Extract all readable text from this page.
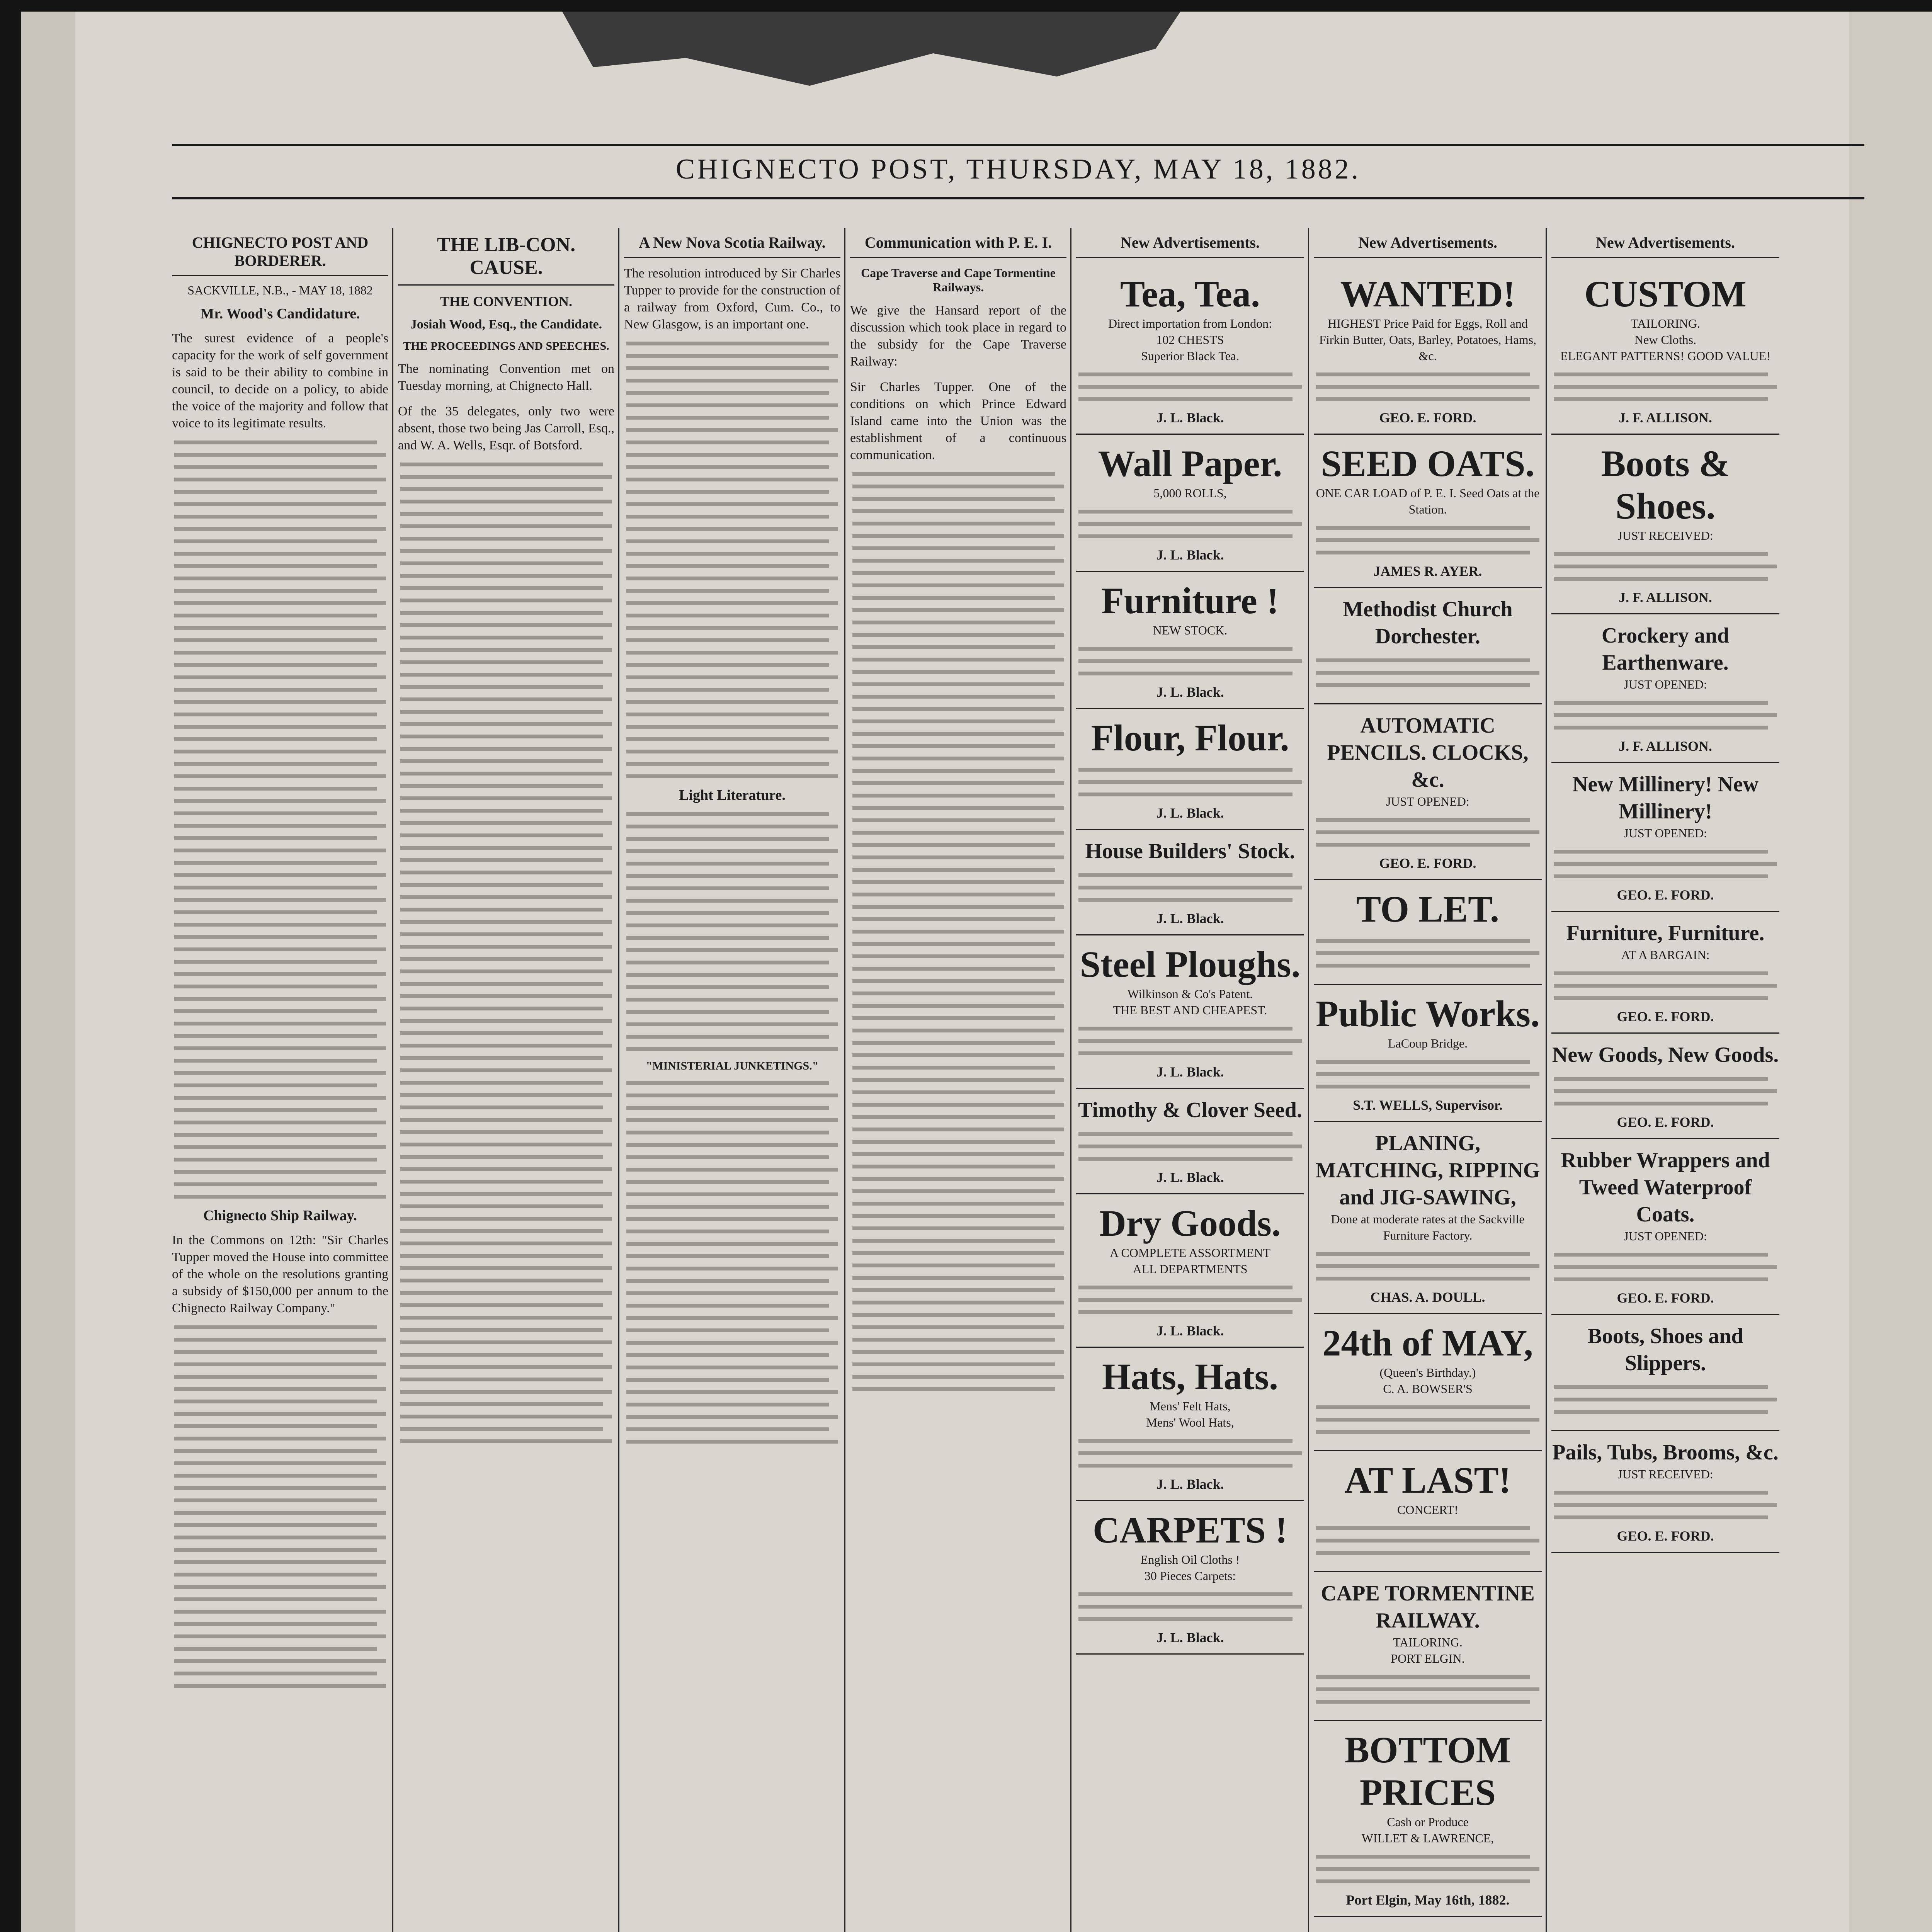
CHIGNECTO POST, THURSDAY, MAY 18, 1882.
CHIGNECTO POST AND BORDERER.
SACKVILLE, N.B., - MAY 18, 1882
Mr. Wood's Candidature.

The surest evidence of a people's capacity for the work of self government is said to be their ability to combine in council, to decide on a policy, to abide the voice of the majority and follow that voice to its legitimate results.

Chignecto Ship Railway.

In the Commons on 12th: "Sir Charles Tupper moved the House into committee of the whole on the resolutions granting a subsidy of $150,000 per annum to the Chignecto Railway Company."

THE LIB-CON. CAUSE.
THE CONVENTION.
Josiah Wood, Esq., the Candidate.
THE PROCEEDINGS AND SPEECHES.

The nominating Convention met on Tuesday morning, at Chignecto Hall.

Of the 35 delegates, only two were absent, those two being Jas Carroll, Esq., and W. A. Wells, Esqr. of Botsford.

A New Nova Scotia Railway.

The resolution introduced by Sir Charles Tupper to provide for the construction of a railway from Oxford, Cum. Co., to New Glasgow, is an important one.

Light Literature.
"MINISTERIAL JUNKETINGS."
Communication with P. E. I.
Cape Traverse and Cape Tormentine Railways.

We give the Hansard report of the discussion which took place in regard to the subsidy for the Cape Traverse Railway:

Sir Charles Tupper. One of the conditions on which Prince Edward Island came into the Union was the establishment of a continuous communication.

New Advertisements.
Tea, Tea.
Direct importation from London:
102 CHESTS
Superior Black Tea.
J. L. Black.
Wall Paper.
5,000 ROLLS,
J. L. Black.
Furniture !
NEW STOCK.
J. L. Black.
Flour, Flour.
J. L. Black.
House Builders' Stock.
J. L. Black.
Steel Ploughs.
Wilkinson & Co's Patent.
THE BEST AND CHEAPEST.
J. L. Black.
Timothy & Clover Seed.
J. L. Black.
Dry Goods.
A COMPLETE ASSORTMENT
ALL DEPARTMENTS
J. L. Black.
Hats, Hats.
Mens' Felt Hats,
Mens' Wool Hats,
J. L. Black.
CARPETS !
English Oil Cloths !
30 Pieces Carpets:
J. L. Black.
New Advertisements.
WANTED!
HIGHEST Price Paid for Eggs, Roll and Firkin Butter, Oats, Barley, Potatoes, Hams, &c.
GEO. E. FORD.
SEED OATS.
ONE CAR LOAD of P. E. I. Seed Oats at the Station.
JAMES R. AYER.
Methodist Church Dorchester.
AUTOMATIC PENCILS. CLOCKS, &c.
JUST OPENED:
GEO. E. FORD.
TO LET.
Public Works.
LaCoup Bridge.
S.T. WELLS, Supervisor.
PLANING, MATCHING, RIPPING and JIG-SAWING,
Done at moderate rates at the Sackville Furniture Factory.
CHAS. A. DOULL.
24th of MAY,
(Queen's Birthday.)
C. A. BOWSER'S
AT LAST!
CONCERT!
CAPE TORMENTINE RAILWAY.
TAILORING.
PORT ELGIN.
BOTTOM PRICES
Cash or Produce
WILLET & LAWRENCE,
Port Elgin, May 16th, 1882.
New Advertisements.
CUSTOM
TAILORING.
New Cloths.
ELEGANT PATTERNS! GOOD VALUE!
J. F. ALLISON.
Boots & Shoes.
JUST RECEIVED:
J. F. ALLISON.
Crockery and Earthenware.
JUST OPENED:
J. F. ALLISON.
New Millinery! New Millinery!
JUST OPENED:
GEO. E. FORD.
Furniture, Furniture.
AT A BARGAIN:
GEO. E. FORD.
New Goods, New Goods.
GEO. E. FORD.
Rubber Wrappers and Tweed Waterproof Coats.
JUST OPENED:
GEO. E. FORD.
Boots, Shoes and Slippers.
Pails, Tubs, Brooms, &c.
JUST RECEIVED:
GEO. E. FORD.
